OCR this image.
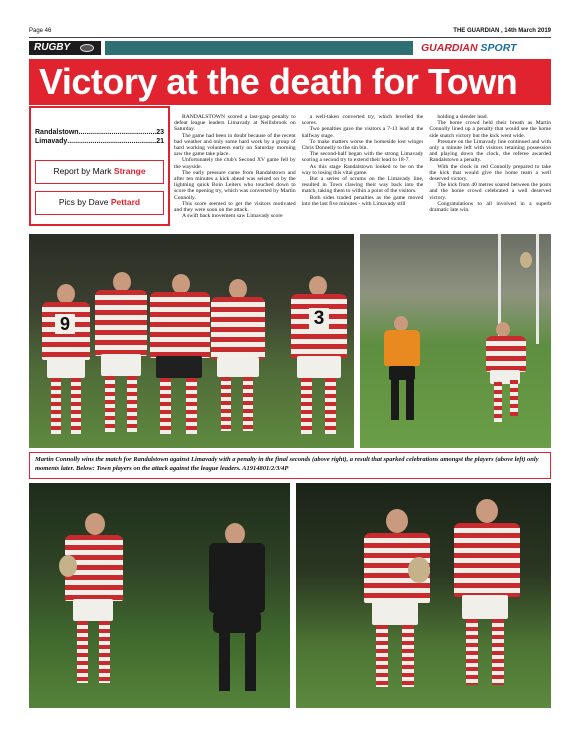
Page 46	THE GUARDIAN , 14th March 2019
RUGBY	GUARDIAN SPORT
Victory at the death for Town
Randalstown .....	23
Limavady .....	21
Report by Mark Strange
Pics by Dave Pettard

RANDALSTOWN scored a last-gasp penalty to defeat league leaders Limavady at Neillsbrook on Saturday.

The game had been in doubt because of the recent bad weather and only some hard work by a group of hard working volunteers early on Saturday morning saw the game take place.

Unfortunately the club's Second XV game fell by the wayside.

The early pressure came from Randalstown and after ten minutes a kick ahead was seized on by the lightning quick Boin Leiters who touched down to score the opening try, which was converted by Martin Connolly.

This score seemed to get the visitors motivated and they were soon on the attack.

A swift back movement saw Limavady score

a well-taken converted try, which levelled the scores.

Two penalties gave the visitors a 7-13 lead at the halfway stage.

To make matters worse the homeside lost winger Chris Donnelly to the sin bin.

The second-half began with the strong Limavady scoring a second try to extend their lead to 18-7.

As this stage Randalstown looked to be on the way to losing this vital game.

But a series of scrums on the Limavady line, resulted in Town clawing their way back into the match, taking them to within a point of the visitors.

Both sides traded penalties as the game moved into the last five minutes - with Limavady still

holding a slender lead.

The home crowd held their breath as Martin Connolly lined up a penalty that would see the home side snatch victory but the kick went wide.

Pressure on the Limavady line continued and with only a minute left with visitors retaining possession and playing down the clock, the referee awarded Randalstown a penalty.

With the clock in red Connolly prepared to take the kick that would give the home team a well deserved victory.

The kick from 40 metres soared between the posts and the home crowd celebrated a well deserved victory.

Congratulations to all involved in a superb dramatic late win.

9	3
Martin Connolly wins the match for Randalstown against Limavady with a penalty in the final seconds (above right), a result that sparked celebrations amongst the players (above left) only moments later. Below: Town players on the attack against the league leaders. A1914801/2/3/4P
